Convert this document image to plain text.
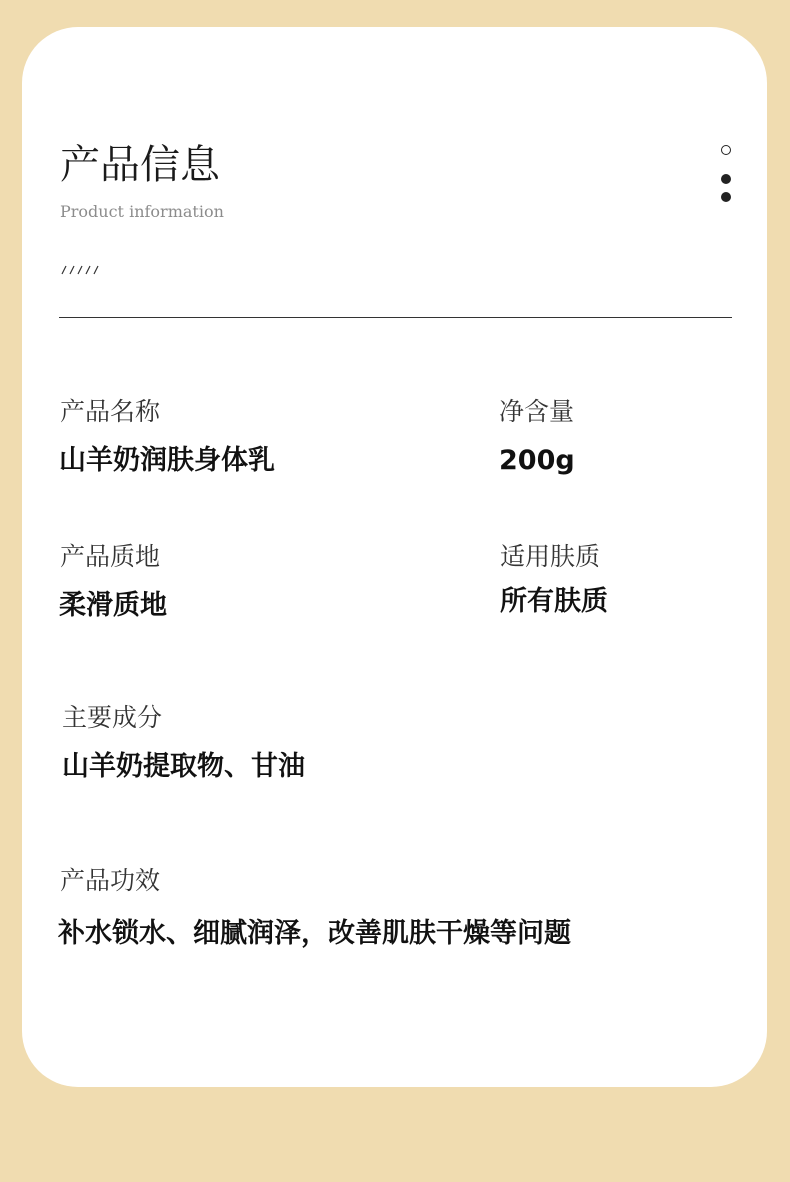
产品信息
Product information
产品名称
山羊奶润肤身体乳
净含量
200g
产品质地
柔滑质地
适用肤质
所有肤质
主要成分
山羊奶提取物、甘油
产品功效
补水锁水、细腻润泽，改善肌肤干燥等问题
